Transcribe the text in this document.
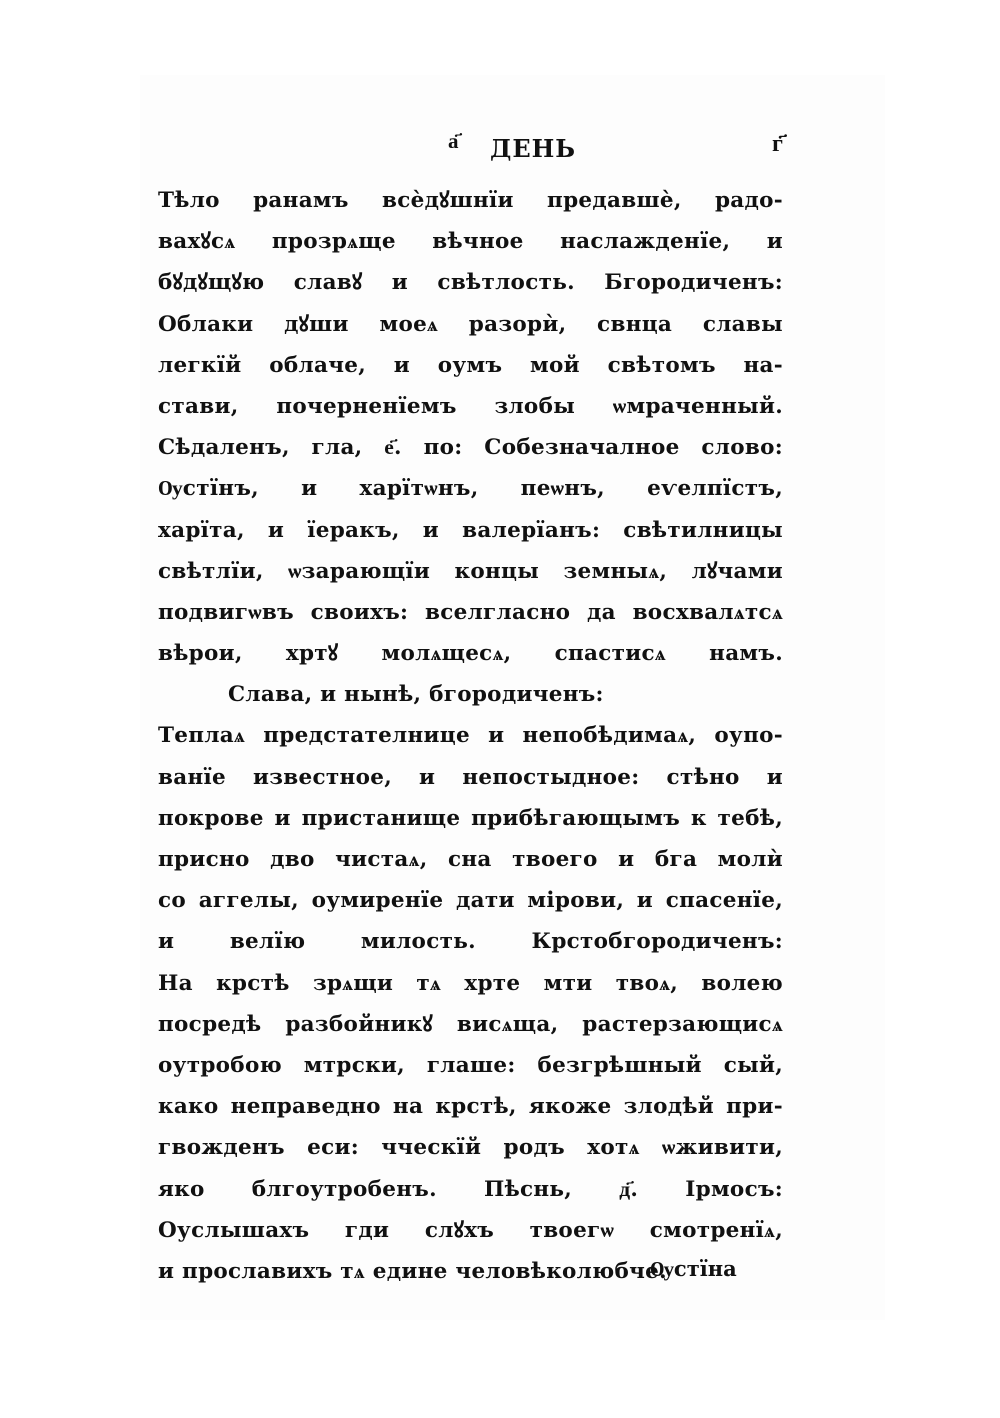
а҃ ДЕНЬ	г҃
Тѣло ранамъ всѐдꙋшнїи предавшѐ, радо-
вахꙋсѧ прозрѧще вѣчное наслажденїе, и
бꙋдꙋщꙋю славꙋ и свѣтлость. Бгородиченъ:
Облаки дꙋши моеѧ разорѝ, свнца славы
легкїй облаче, и оумъ мой свѣтомъ на-
стави, почерненїемъ злобы ѡмраченный.
Сѣдаленъ, гла, е҃. по: Собезначалное слово:
Ѹстїнъ, и харїтѡнъ, пеѡнъ, еѵелпїстъ,
харїта, и їеракъ, и валерїанъ: свѣтилницы
свѣтлїи, ѡзарающїи концы земныѧ, лꙋчами
подвигѡвъ своихъ: вселгласно да восхвалѧтсѧ
вѣрои, хртꙋ молѧщесѧ, спастисѧ намъ.
Слава, и нынѣ, бгородиченъ:
Теплаѧ предстателнице и непобѣдимаѧ, оупо-
ванїе известное, и непостыдное: стѣно и
покрове и пристанище прибѣгающымъ к тебѣ,
присно дво чистаѧ, сна твоего и бга молѝ
со аггелы, оумиренїе дати мірови, и спасенїе,
и велїю милость. Крстобгородиченъ:
На крстѣ зрѧщи тѧ хрте мти твоѧ, волею
посредѣ разбойникꙋ висѧща, растерзающисѧ
оутробою мтрски, глаше: безгрѣшный сый,
како неправедно на крстѣ, якоже злодѣй при-
гвожденъ еси: чческїй родъ хотѧ ѡживити,
яко блгоутробенъ. Пѣснь, д҃. Ірмосъ:
Оуслышахъ гди слꙋхъ твоегѡ смотренїѧ,
и прославихъ тѧ едине человѣколюбче.
Ѹстїна
